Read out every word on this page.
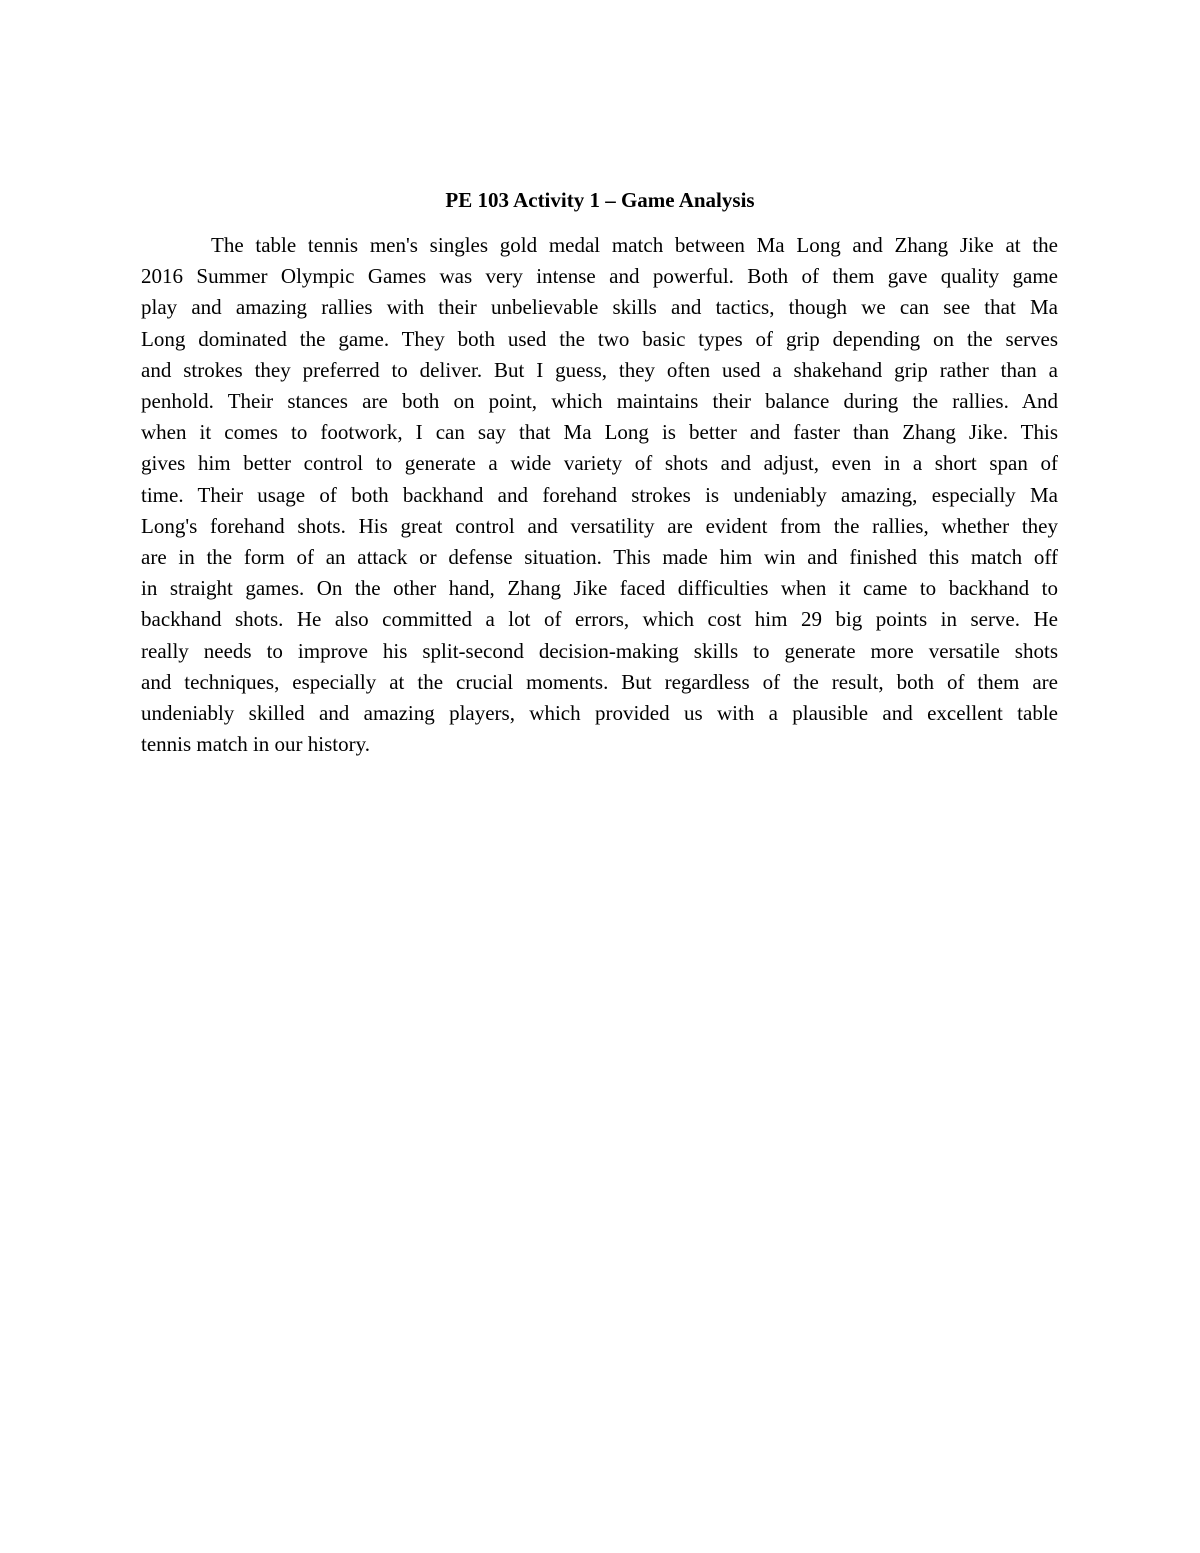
PE 103 Activity 1 – Game Analysis
The table tennis men's singles gold medal match between Ma Long and Zhang Jike at the
2016 Summer Olympic Games was very intense and powerful. Both of them gave quality game
play and amazing rallies with their unbelievable skills and tactics, though we can see that Ma
Long dominated the game. They both used the two basic types of grip depending on the serves
and strokes they preferred to deliver. But I guess, they often used a shakehand grip rather than a
penhold. Their stances are both on point, which maintains their balance during the rallies. And
when it comes to footwork, I can say that Ma Long is better and faster than Zhang Jike. This
gives him better control to generate a wide variety of shots and adjust, even in a short span of
time. Their usage of both backhand and forehand strokes is undeniably amazing, especially Ma
Long's forehand shots. His great control and versatility are evident from the rallies, whether they
are in the form of an attack or defense situation. This made him win and finished this match off
in straight games. On the other hand, Zhang Jike faced difficulties when it came to backhand to
backhand shots. He also committed a lot of errors, which cost him 29 big points in serve. He
really needs to improve his split-second decision-making skills to generate more versatile shots
and techniques, especially at the crucial moments. But regardless of the result, both of them are
undeniably skilled and amazing players, which provided us with a plausible and excellent table
tennis match in our history.
